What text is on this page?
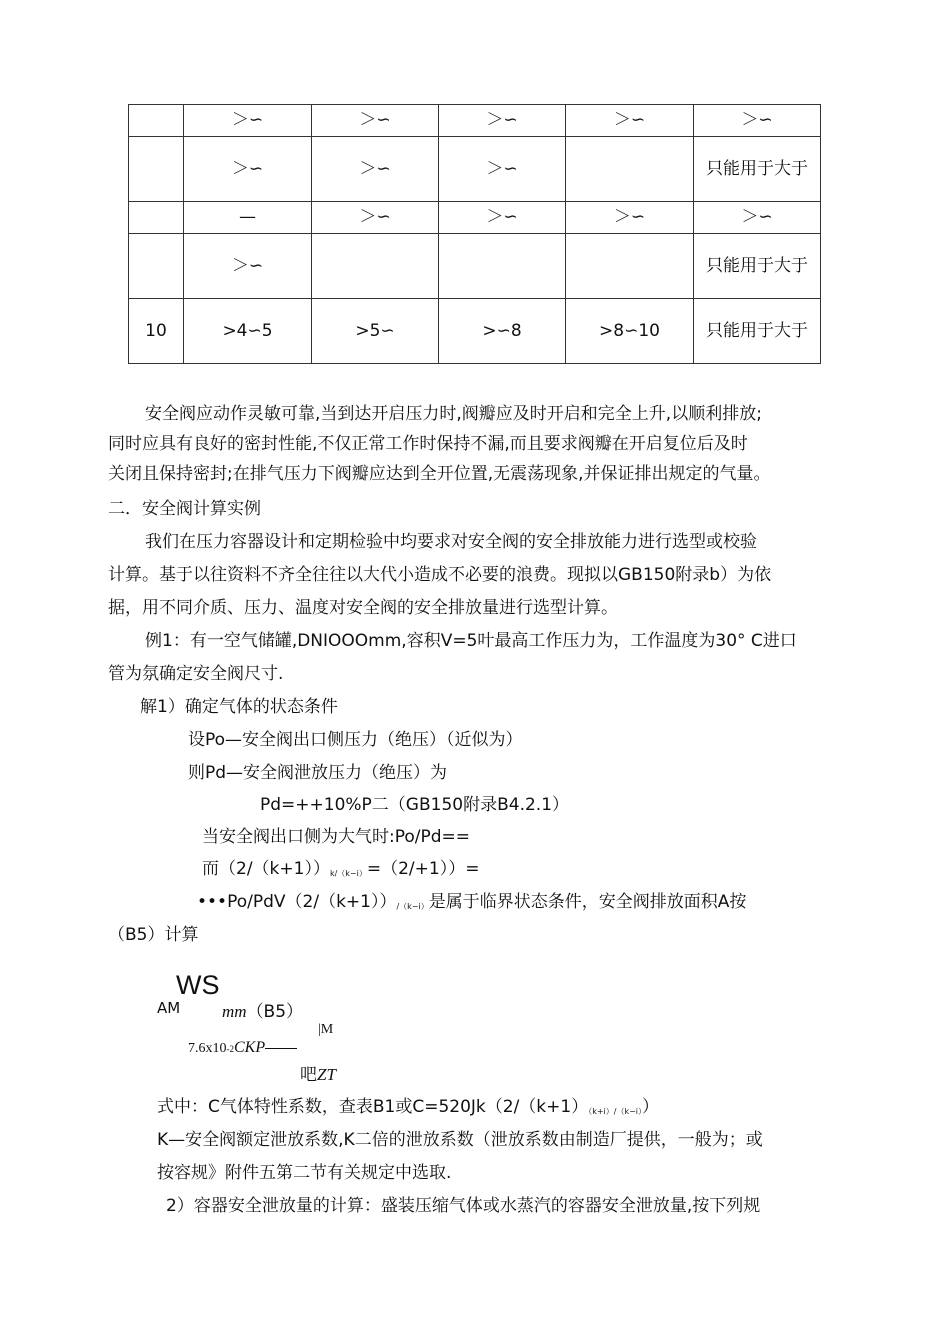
	＞∽	＞∽	＞∽	＞∽	＞∽
	＞∽	＞∽	＞∽		只能用于大于
	—	＞∽	＞∽	＞∽	＞∽
	＞∽				只能用于大于
10	>4∽5	>5∽	>∽8	>8∽10	只能用于大于
安全阀应动作灵敏可靠,当到达开启压力时,阀瓣应及时开启和完全上升,以顺利排放;
同时应具有良好的密封性能,不仅正常工作时保持不漏,而且要求阀瓣在开启复位后及时
关闭且保持密封;在排气压力下阀瓣应达到全开位置,无震荡现象,并保证排出规定的气量。
二．安全阀计算实例
我们在压力容器设计和定期检验中均要求对安全阀的安全排放能力进行选型或校验
计算。基于以往资料不齐全往往以大代小造成不必要的浪费。现拟以GB150附录b）为依
据，用不同介质、压力、温度对安全阀的安全排放量进行选型计算。
例1：有一空气储罐,DNIOOOmm,容积V=5叶最高工作压力为，工作温度为30° C进口
管为氛确定安全阀尺寸.
解1）确定气体的状态条件
设Po—安全阀出口侧压力（绝压）（近似为）
则Pd—安全阀泄放压力（绝压）为
Pd=++10%P二（GB150附录B4.2.1）
当安全阀出口侧为大气时:Po/Pd==
而$(2/(k+1))_{k/(k-i)}=(2/+1))=$
$•••Po/PdV(2/(k+1))_{/(k-i)}$是属于临界状态条件，安全阀排放面积A按
（B5）计算
WS
AM mm（B5）
7.6x10-2CKP
|M
吧ZT
式中：C气体特性系数，查表B1或$C=520Jk(2/(k+1)_{(k+i)/(k-i)})$
K—安全阀额定泄放系数,K二倍的泄放系数（泄放系数由制造厂提供，一般为；或
按容规》附件五第二节有关规定中选取.
2）容器安全泄放量的计算：盛装压缩气体或水蒸汽的容器安全泄放量,按下列规
